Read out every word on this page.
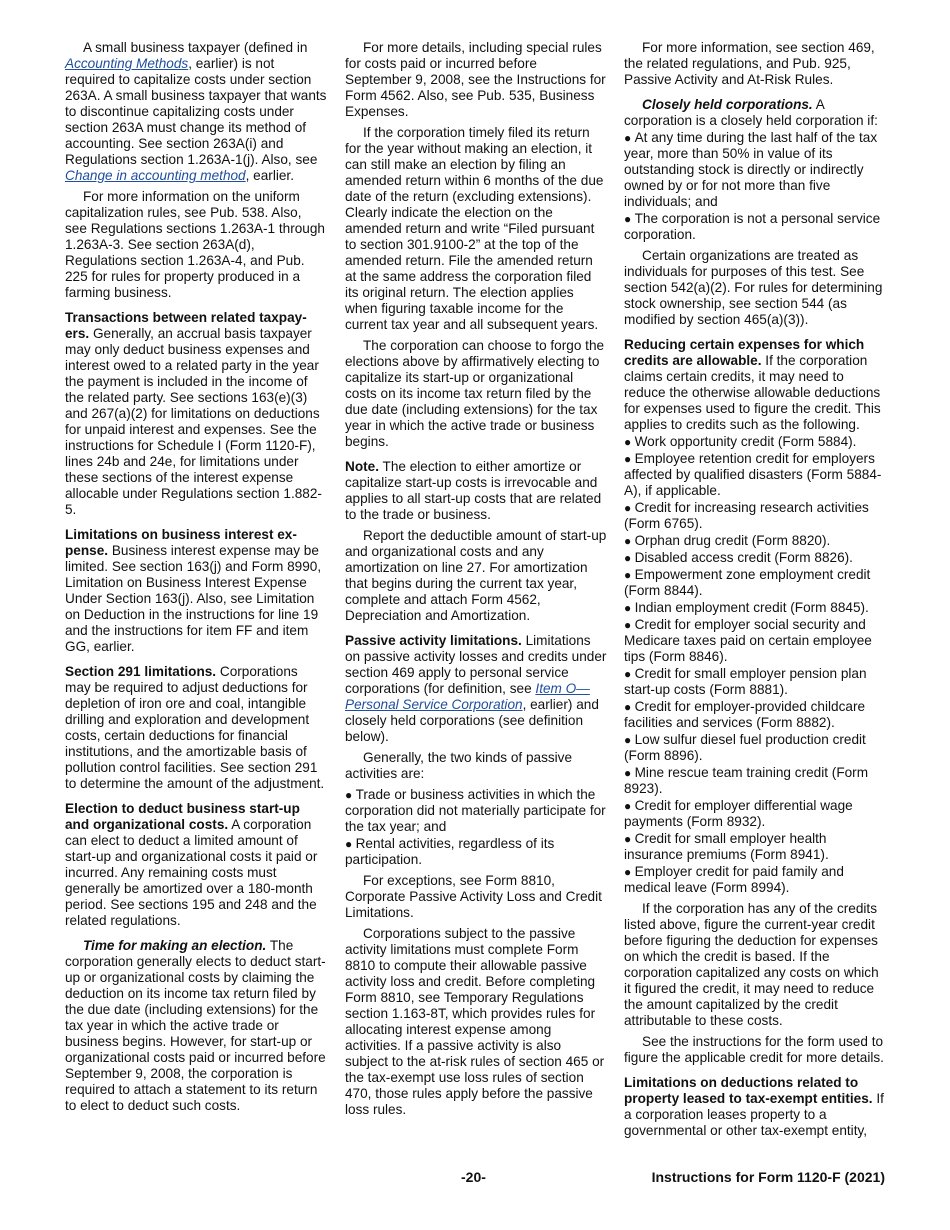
A small business taxpayer (defined in Accounting Methods, earlier) is not required to capitalize costs under section 263A. A small business taxpayer that wants to discontinue capitalizing costs under section 263A must change its method of accounting. See section 263A(i) and Regulations section 1.263A-1(j). Also, see Change in accounting method, earlier.

For more information on the uniform capitalization rules, see Pub. 538. Also, see Regulations sections 1.263A-1 through 1.263A-3. See section 263A(d), Regulations section 1.263A-4, and Pub. 225 for rules for property produced in a farming business.

Transactions between related taxpay-ers. Generally, an accrual basis taxpayer may only deduct business expenses and interest owed to a related party in the year the payment is included in the income of the related party. See sections 163(e)(3) and 267(a)(2) for limitations on deductions for unpaid interest and expenses. See the instructions for Schedule I (Form 1120-F), lines 24b and 24e, for limitations under these sections of the interest expense allocable under Regulations section 1.882-5.

Limitations on business interest ex-pense. Business interest expense may be limited. See section 163(j) and Form 8990, Limitation on Business Interest Expense Under Section 163(j). Also, see Limitation on Deduction in the instructions for line 19 and the instructions for item FF and item GG, earlier.

Section 291 limitations. Corporations may be required to adjust deductions for depletion of iron ore and coal, intangible drilling and exploration and development costs, certain deductions for financial institutions, and the amortizable basis of pollution control facilities. See section 291 to determine the amount of the adjustment.

Election to deduct business start-up and organizational costs. A corporation can elect to deduct a limited amount of start-up and organizational costs it paid or incurred. Any remaining costs must generally be amortized over a 180-month period. See sections 195 and 248 and the related regulations.

Time for making an election. The corporation generally elects to deduct start-up or organizational costs by claiming the deduction on its income tax return filed by the due date (including extensions) for the tax year in which the active trade or business begins. However, for start-up or organizational costs paid or incurred before September 9, 2008, the corporation is required to attach a statement to its return to elect to deduct such costs.

For more details, including special rules for costs paid or incurred before September 9, 2008, see the Instructions for Form 4562. Also, see Pub. 535, Business Expenses.

If the corporation timely filed its return for the year without making an election, it can still make an election by filing an amended return within 6 months of the due date of the return (excluding extensions). Clearly indicate the election on the amended return and write “Filed pursuant to section 301.9100-2” at the top of the amended return. File the amended return at the same address the corporation filed its original return. The election applies when figuring taxable income for the current tax year and all subsequent years.

The corporation can choose to forgo the elections above by affirmatively electing to capitalize its start-up or organizational costs on its income tax return filed by the due date (including extensions) for the tax year in which the active trade or business begins.

Note. The election to either amortize or capitalize start-up costs is irrevocable and applies to all start-up costs that are related to the trade or business.

Report the deductible amount of start-up and organizational costs and any amortization on line 27. For amortization that begins during the current tax year, complete and attach Form 4562, Depreciation and Amortization.

Passive activity limitations. Limitations on passive activity losses and credits under section 469 apply to personal service corporations (for definition, see Item O—Personal Service Corporation, earlier) and closely held corporations (see definition below).

Generally, the two kinds of passive activities are:

● Trade or business activities in which the corporation did not materially participate for the tax year; and

● Rental activities, regardless of its participation.

For exceptions, see Form 8810, Corporate Passive Activity Loss and Credit Limitations.

Corporations subject to the passive activity limitations must complete Form 8810 to compute their allowable passive activity loss and credit. Before completing Form 8810, see Temporary Regulations section 1.163-8T, which provides rules for allocating interest expense among activities. If a passive activity is also subject to the at-risk rules of section 465 or the tax-exempt use loss rules of section 470, those rules apply before the passive loss rules.

For more information, see section 469, the related regulations, and Pub. 925, Passive Activity and At-Risk Rules.

Closely held corporations. A corporation is a closely held corporation if:

● At any time during the last half of the tax year, more than 50% in value of its outstanding stock is directly or indirectly owned by or for not more than five individuals; and

● The corporation is not a personal service corporation.

Certain organizations are treated as individuals for purposes of this test. See section 542(a)(2). For rules for determining stock ownership, see section 544 (as modified by section 465(a)(3)).

Reducing certain expenses for which credits are allowable. If the corporation claims certain credits, it may need to reduce the otherwise allowable deductions for expenses used to figure the credit. This applies to credits such as the following.

● Work opportunity credit (Form 5884).

● Employee retention credit for employers affected by qualified disasters (Form 5884-A), if applicable.

● Credit for increasing research activities (Form 6765).

● Orphan drug credit (Form 8820).

● Disabled access credit (Form 8826).

● Empowerment zone employment credit (Form 8844).

● Indian employment credit (Form 8845).

● Credit for employer social security and Medicare taxes paid on certain employee tips (Form 8846).

● Credit for small employer pension plan start-up costs (Form 8881).

● Credit for employer-provided childcare facilities and services (Form 8882).

● Low sulfur diesel fuel production credit (Form 8896).

● Mine rescue team training credit (Form 8923).

● Credit for employer differential wage payments (Form 8932).

● Credit for small employer health insurance premiums (Form 8941).

● Employer credit for paid family and medical leave (Form 8994).

If the corporation has any of the credits listed above, figure the current-year credit before figuring the deduction for expenses on which the credit is based. If the corporation capitalized any costs on which it figured the credit, it may need to reduce the amount capitalized by the credit attributable to these costs.

See the instructions for the form used to figure the applicable credit for more details.

Limitations on deductions related to property leased to tax-exempt entities. If a corporation leases property to a governmental or other tax-exempt entity,

-20-	Instructions for Form 1120-F (2021)
